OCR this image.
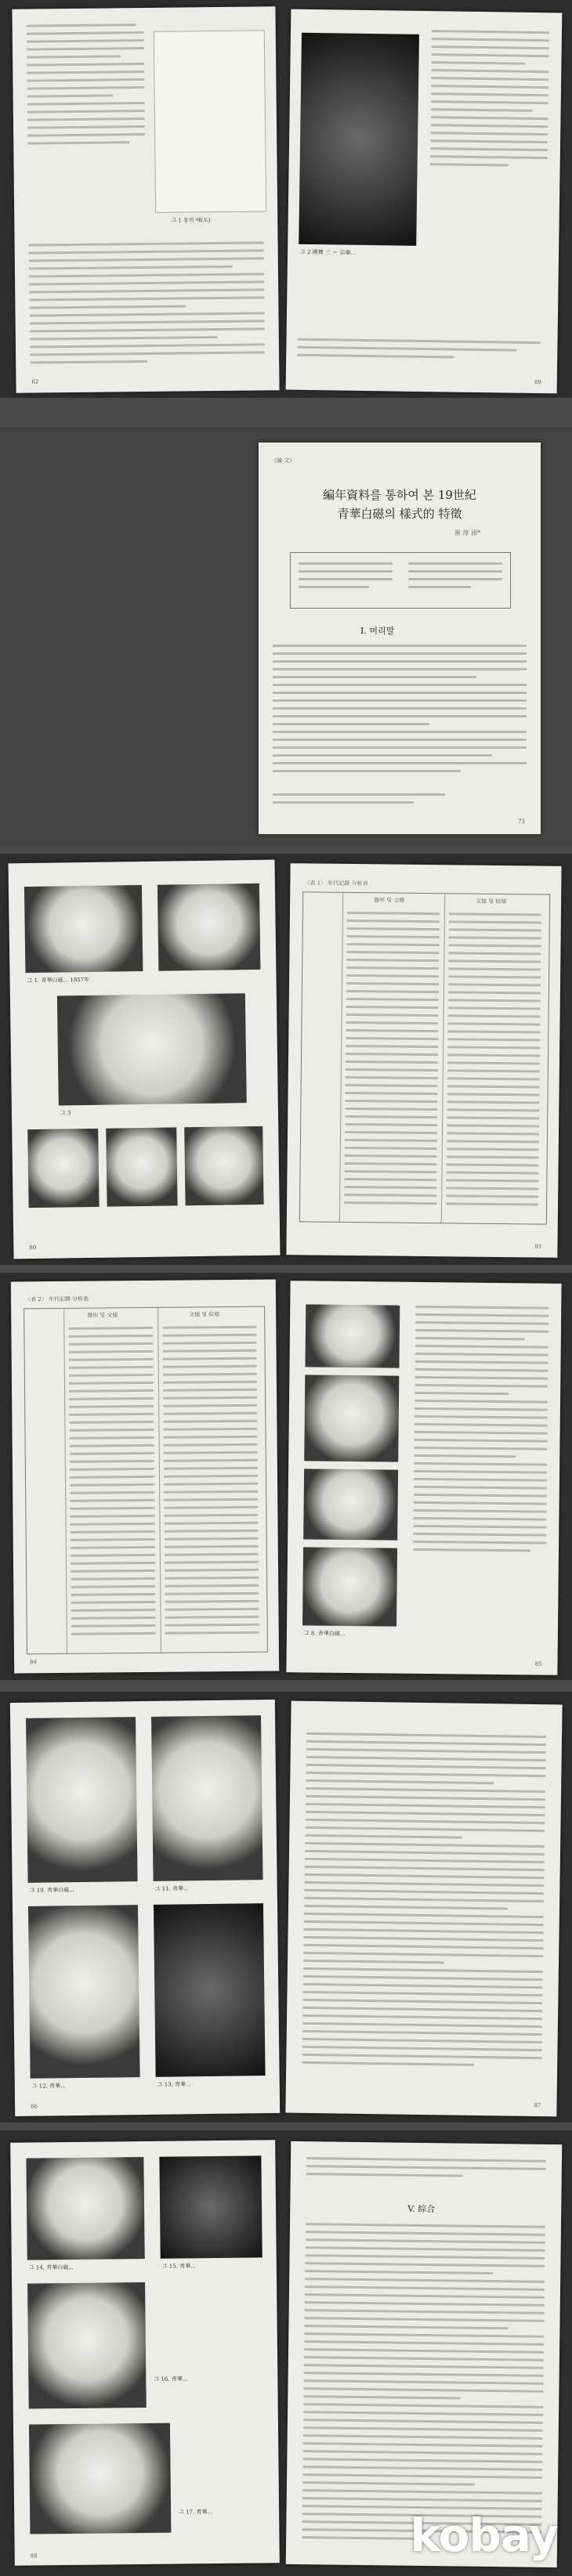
그 1 동의 배(도)
62
그 2 國寶 三 ＝ 宗廟...
69
《論 文》
編年資料를 통하여 본 19世紀
青華白磁의 樣式的 特徵
崔 淳 雨*
I. 머리말
73
그 1. 靑華白磁... 1857年
그 3
80
〈表 1〉 年代記錄 分析表
器形 및 文様	文様 및 紋様
81
〈表 2〉 年代記錄 分析表
器形 및 文様	文様 및 紋様
84
그 8. 靑華白磁...
85
그 10. 靑華白磁...	그 11. 靑華...
그 12. 靑華...	그 13. 靑華...
86	87
그 14. 靑華白磁...	그 15. 靑華...
그 16. 靑華...
그 17. 靑華...
88
V. 綜合
kobay
